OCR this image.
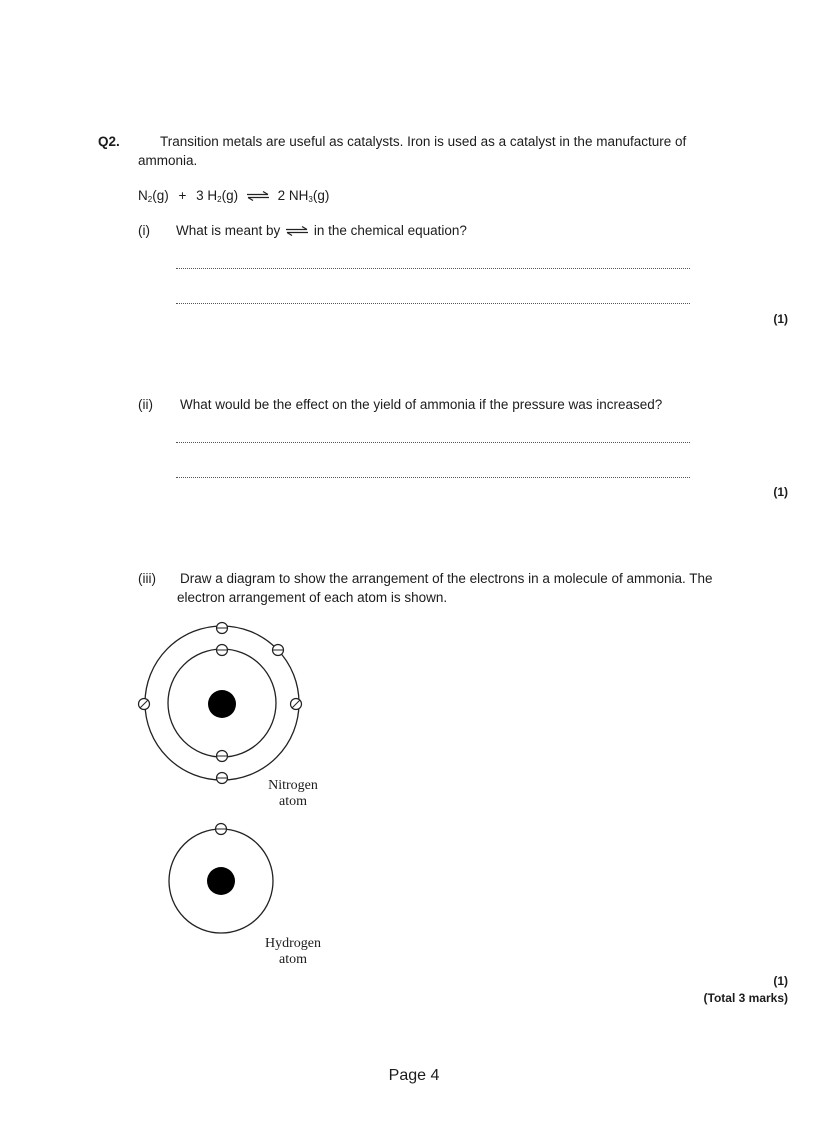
Q2.	Transition metals are useful as catalysts. Iron is used as a catalyst in the manufacture of
ammonia.
$N_2(g) + 3$ $H_2(g)$ ⇌ 2 $NH_3(g)$
(i) What is meant by ⇌ in the chemical equation?
(1)
(ii) What would be the effect on the yield of ammonia if the pressure was increased?
(1)
(iii) Draw a diagram to show the arrangement of the electrons in a molecule of ammonia. The
electron arrangement of each atom is shown.
Nitrogen
atom
Hydrogen
atom
(1)
(Total 3 marks)
Page 4
